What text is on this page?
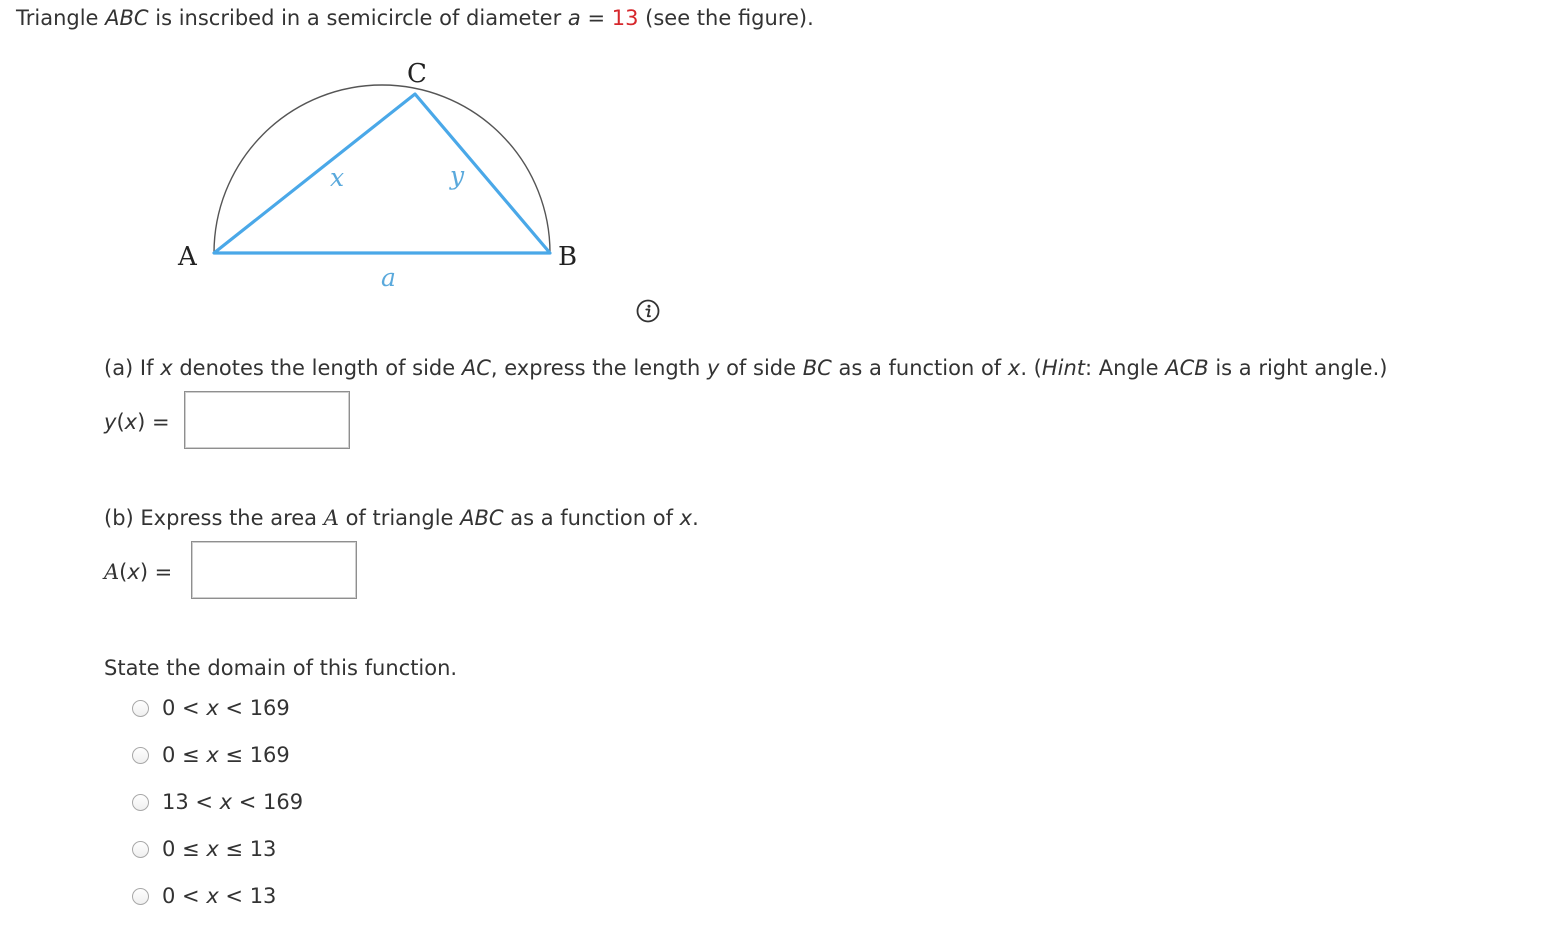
Triangle ABC is inscribed in a semicircle of diameter a = 13 (see the figure).
C
A	B
x	y
a
(a) If x denotes the length of side AC, express the length y of side BC as a function of x. (Hint: Angle ACB is a right angle.)
y(x) =
(b) Express the area A of triangle ABC as a function of x.
A(x) =
State the domain of this function.
0 < x < 169
0 ≤ x ≤ 169
13 < x < 169
0 ≤ x ≤ 13
0 < x < 13
